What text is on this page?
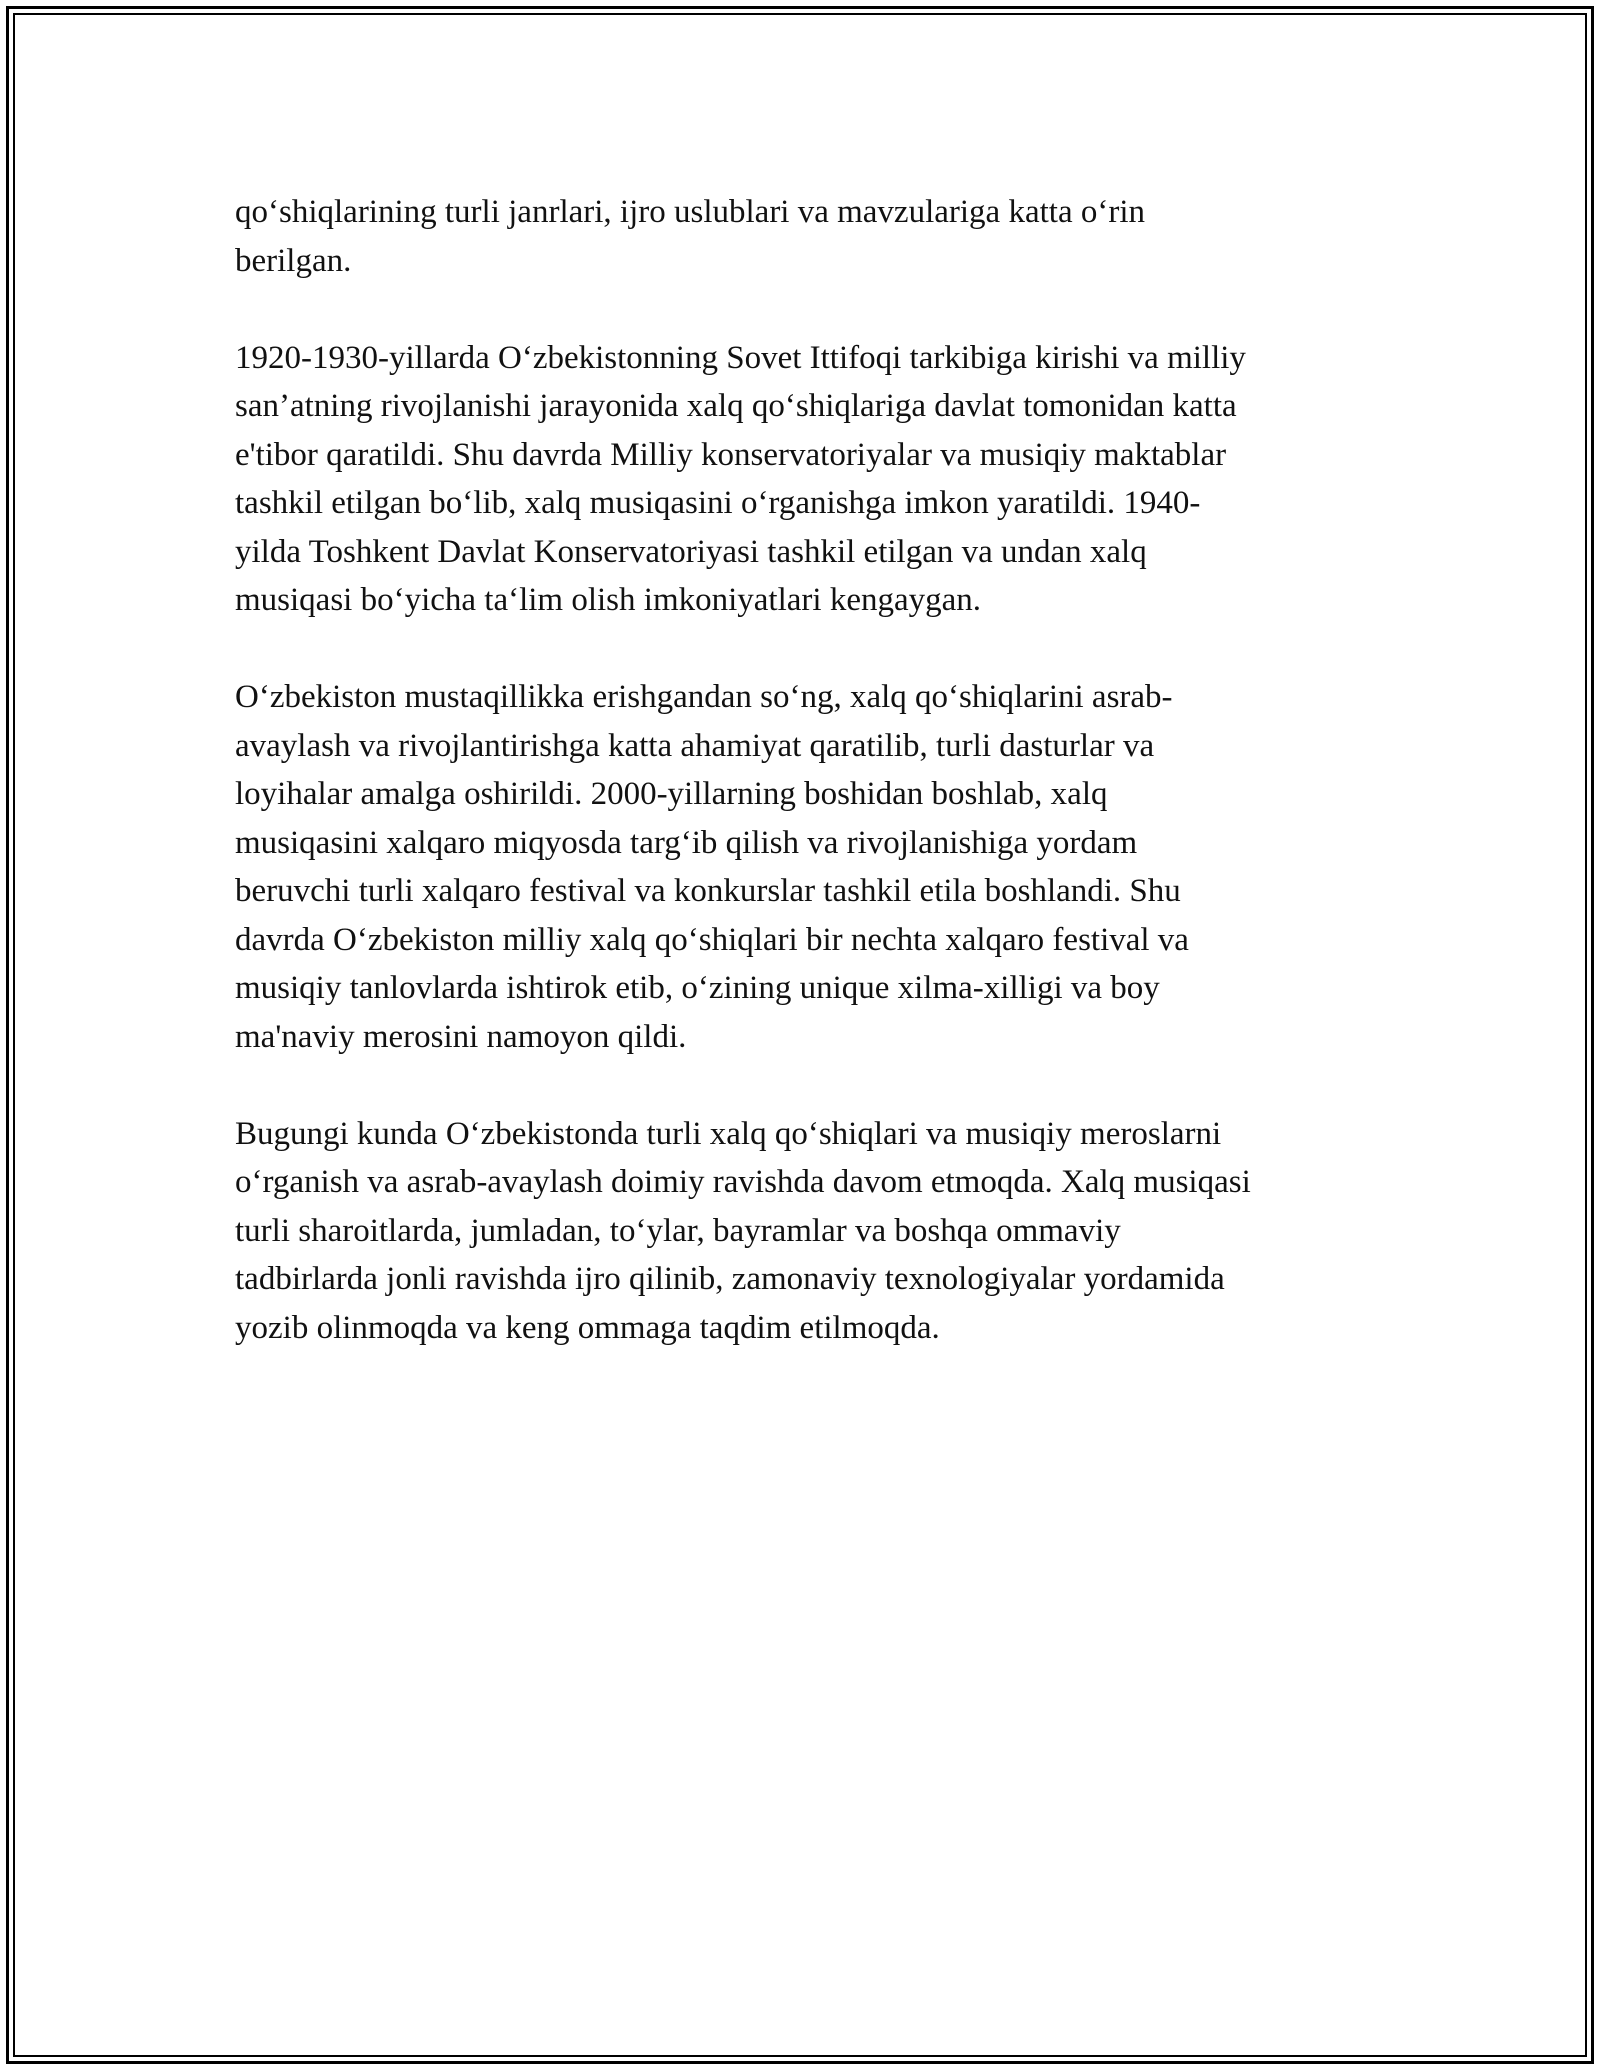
qo‘shiqlarining turli janrlari, ijro uslublari va mavzulariga katta o‘rin
berilgan.

1920-1930-yillarda O‘zbekistonning Sovet Ittifoqi tarkibiga kirishi va milliy
san’atning rivojlanishi jarayonida xalq qo‘shiqlariga davlat tomonidan katta
e'tibor qaratildi. Shu davrda Milliy konservatoriyalar va musiqiy maktablar
tashkil etilgan bo‘lib, xalq musiqasini o‘rganishga imkon yaratildi. 1940-
yilda Toshkent Davlat Konservatoriyasi tashkil etilgan va undan xalq
musiqasi bo‘yicha ta‘lim olish imkoniyatlari kengaygan.

O‘zbekiston mustaqillikka erishgandan so‘ng, xalq qo‘shiqlarini asrab-
avaylash va rivojlantirishga katta ahamiyat qaratilib, turli dasturlar va
loyihalar amalga oshirildi. 2000-yillarning boshidan boshlab, xalq
musiqasini xalqaro miqyosda targ‘ib qilish va rivojlanishiga yordam
beruvchi turli xalqaro festival va konkurslar tashkil etila boshlandi. Shu
davrda O‘zbekiston milliy xalq qo‘shiqlari bir nechta xalqaro festival va
musiqiy tanlovlarda ishtirok etib, o‘zining unique xilma-xilligi va boy
ma'naviy merosini namoyon qildi.

Bugungi kunda O‘zbekistonda turli xalq qo‘shiqlari va musiqiy meroslarni
o‘rganish va asrab-avaylash doimiy ravishda davom etmoqda. Xalq musiqasi
turli sharoitlarda, jumladan, to‘ylar, bayramlar va boshqa ommaviy
tadbirlarda jonli ravishda ijro qilinib, zamonaviy texnologiyalar yordamida
yozib olinmoqda va keng ommaga taqdim etilmoqda.
